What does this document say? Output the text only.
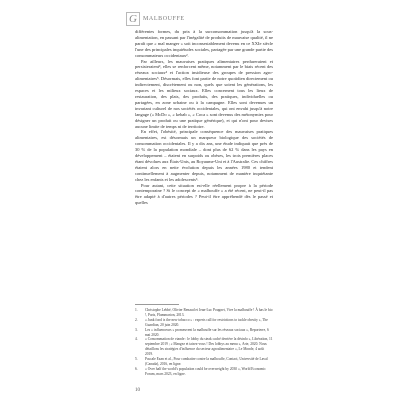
G	MALBOUFFE

différentes formes, du prix à la surconsommation jusqu'à la sous-alimentation, en passant par l'inégalité de produits de mauvaise qualité, il ne paraît que « mal manger » soit inconsestablement devenu en ce XXIe siècle l'une des principales inquiétudes sociales, partagée par une grande partie des consommateurs occidentaux².

Par ailleurs, les mauvaises pratiques alimentaires perdureraient et persisteraient³, elles se renforcent même, notamment par le biais récent des réseaux sociaux⁴ et l'action insidieuse des groupes de pression agro-alimentaires⁵. Désormais, elles font partie de notre quotidien directement ou indirectement, discrètement ou non, quels que soient les générations, les espaces et les milieux sociaux. Elles concernent tous les lieux de restauration, des plats, des produits, des pratiques, individuelles ou partagées, en zone urbaine ou à la campagne. Elles sont devenues un invariant culturel de nos sociétés occidentales, qui ont envahi jusqu'à notre langage (« McDo », « kebab », « Coca » sont devenus des métonymies pour désigner un produit ou une pratique générique), et qui n'ont pour devises aucune limite de temps ni de territoire.

En effet, l'obésité, principale conséquence des mauvaises pratiques alimentaires, est désormais un marqueur biologique des sociétés de consommation occidentales. Il y a dix ans, une étude indiquait que près de 30 % de la population mondiale – dont plus de 62 % dans les pays en développement – étaient en surpoids ou obèses, les trois premières places étant dévolues aux États-Unis, au Royaume-Uni et à l'Australie. Ces chiffres étaient alors en nette évolution depuis les années 1980 et tendent continuellement à augmenter depuis, notamment de manière inquiétante chez les enfants et les adolescents⁶.

Pour autant, cette situation est-elle réellement propre à la période contemporaine ? Si le concept de « malbouffe » a été récent, ne peut-il pas être adapté à d'autres périodes ? Peut-il être appréhendé dès le passé et quelles

1.	Christophe Lebbé, Olivier Renaud et Jean-Luc Pougnet, Vive la malbouffe ! À bas le bio !, Paris, Flammarion, 2013.
2.	« Junk food is the new tobacco » : experts call for restrictions to tackle obesity », The Guardian, 20 juin 2020.
3.	Les « influenceurs » promeuvent la malbouffe sur les réseaux sociaux », Reporterre, 6 mai 2020.
4.	« Consommation de viande : le lobby du steak caché derrière la désinfo », Libération, 11 septembre 2019 ; « Mangez et taisez-vous ! Des lobbys au menu », Arte, 2020. Nous détaillons les stratégies d'influence du secteur agroalimentaire », Le Monde, 4 août 2019.
5.	Pascale Ezan et al., Pour combattre contre la malbouffe, Contact, Université de Laval (Canada), 2016, en ligne.
6.	« Over half the world's population could be overweight by 2030 », World Economic Forum, mars 2023, en ligne.
10
